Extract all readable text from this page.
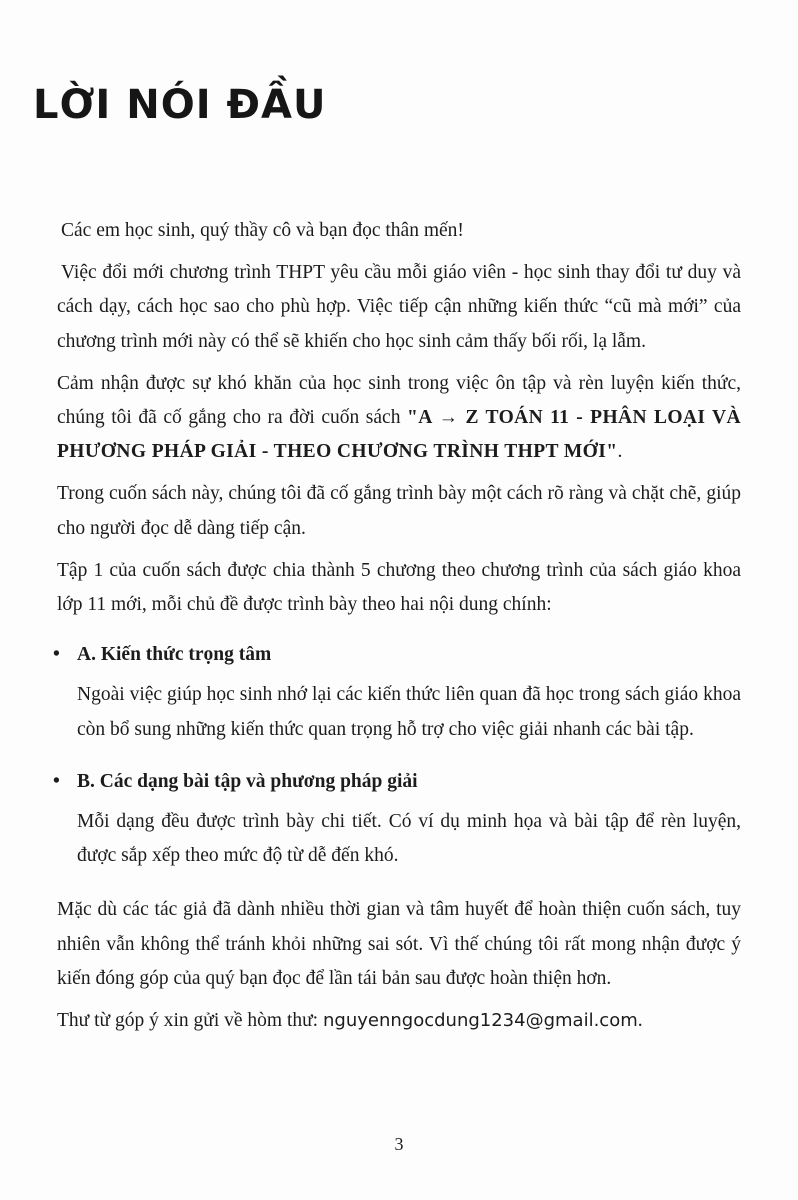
LỜI NÓI ĐẦU

Các em học sinh, quý thầy cô và bạn đọc thân mến!

Việc đổi mới chương trình THPT yêu cầu mỗi giáo viên - học sinh thay đổi tư duy và cách dạy, cách học sao cho phù hợp. Việc tiếp cận những kiến thức “cũ mà mới” của chương trình mới này có thể sẽ khiến cho học sinh cảm thấy bối rối, lạ lẫm.

Cảm nhận được sự khó khăn của học sinh trong việc ôn tập và rèn luyện kiến thức, chúng tôi đã cố gắng cho ra đời cuốn sách "A → Z TOÁN 11 - PHÂN LOẠI VÀ PHƯƠNG PHÁP GIẢI - THEO CHƯƠNG TRÌNH THPT MỚI".

Trong cuốn sách này, chúng tôi đã cố gắng trình bày một cách rõ ràng và chặt chẽ, giúp cho người đọc dễ dàng tiếp cận.

Tập 1 của cuốn sách được chia thành 5 chương theo chương trình của sách giáo khoa lớp 11 mới, mỗi chủ đề được trình bày theo hai nội dung chính:

• A. Kiến thức trọng tâm

Ngoài việc giúp học sinh nhớ lại các kiến thức liên quan đã học trong sách giáo khoa còn bổ sung những kiến thức quan trọng hỗ trợ cho việc giải nhanh các bài tập.

• B. Các dạng bài tập và phương pháp giải

Mỗi dạng đều được trình bày chi tiết. Có ví dụ minh họa và bài tập để rèn luyện, được sắp xếp theo mức độ từ dễ đến khó.

Mặc dù các tác giả đã dành nhiều thời gian và tâm huyết để hoàn thiện cuốn sách, tuy nhiên vẫn không thể tránh khỏi những sai sót. Vì thế chúng tôi rất mong nhận được ý kiến đóng góp của quý bạn đọc để lần tái bản sau được hoàn thiện hơn.

Thư từ góp ý xin gửi về hòm thư: nguyenngocdung1234@gmail.com.

3
